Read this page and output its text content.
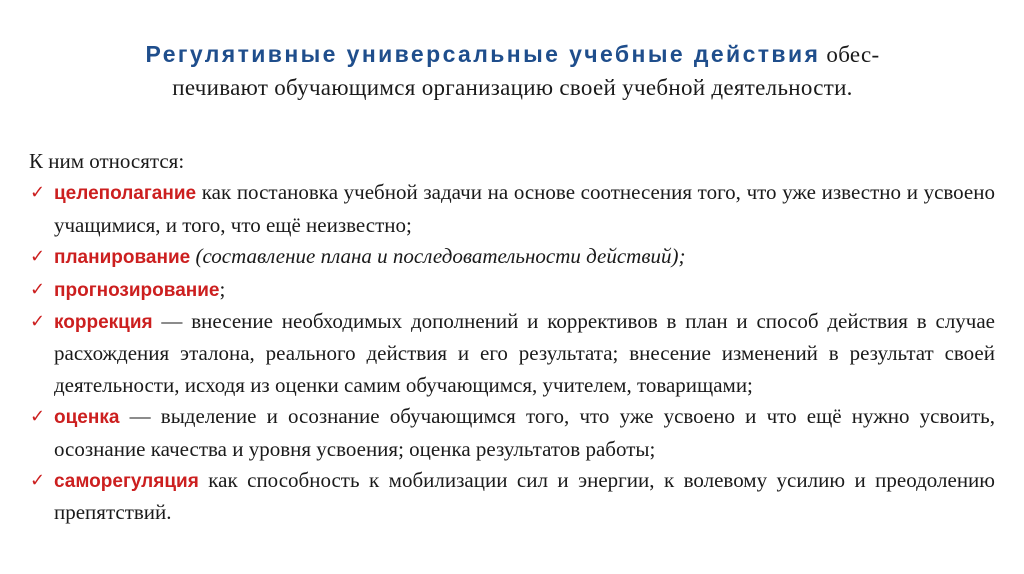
Регулятивные универсальные учебные действия обес-
печивают обучающимся организацию своей учебной деятельности.

К ним относятся:

✓ целеполагание как постановка учебной задачи на основе соотнесения того, что уже известно и усвоено учащимися, и того, что ещё неизвестно;
✓ планирование (составление плана и последовательности действий);
✓ прогнозирование;
✓ коррекция — внесение необходимых дополнений и коррективов в план и способ действия в случае расхождения эталона, реального действия и его результата; внесение изменений в результат своей деятельности, исходя из оценки самим обучающимся, учителем, товарищами;
✓ оценка — выделение и осознание обучающимся того, что уже усвоено и что ещё нужно усвоить, осознание качества и уровня усвоения; оценка результатов работы;
✓ саморегуляция как способность к мобилизации сил и энергии, к волевому усилию и преодолению препятствий.
